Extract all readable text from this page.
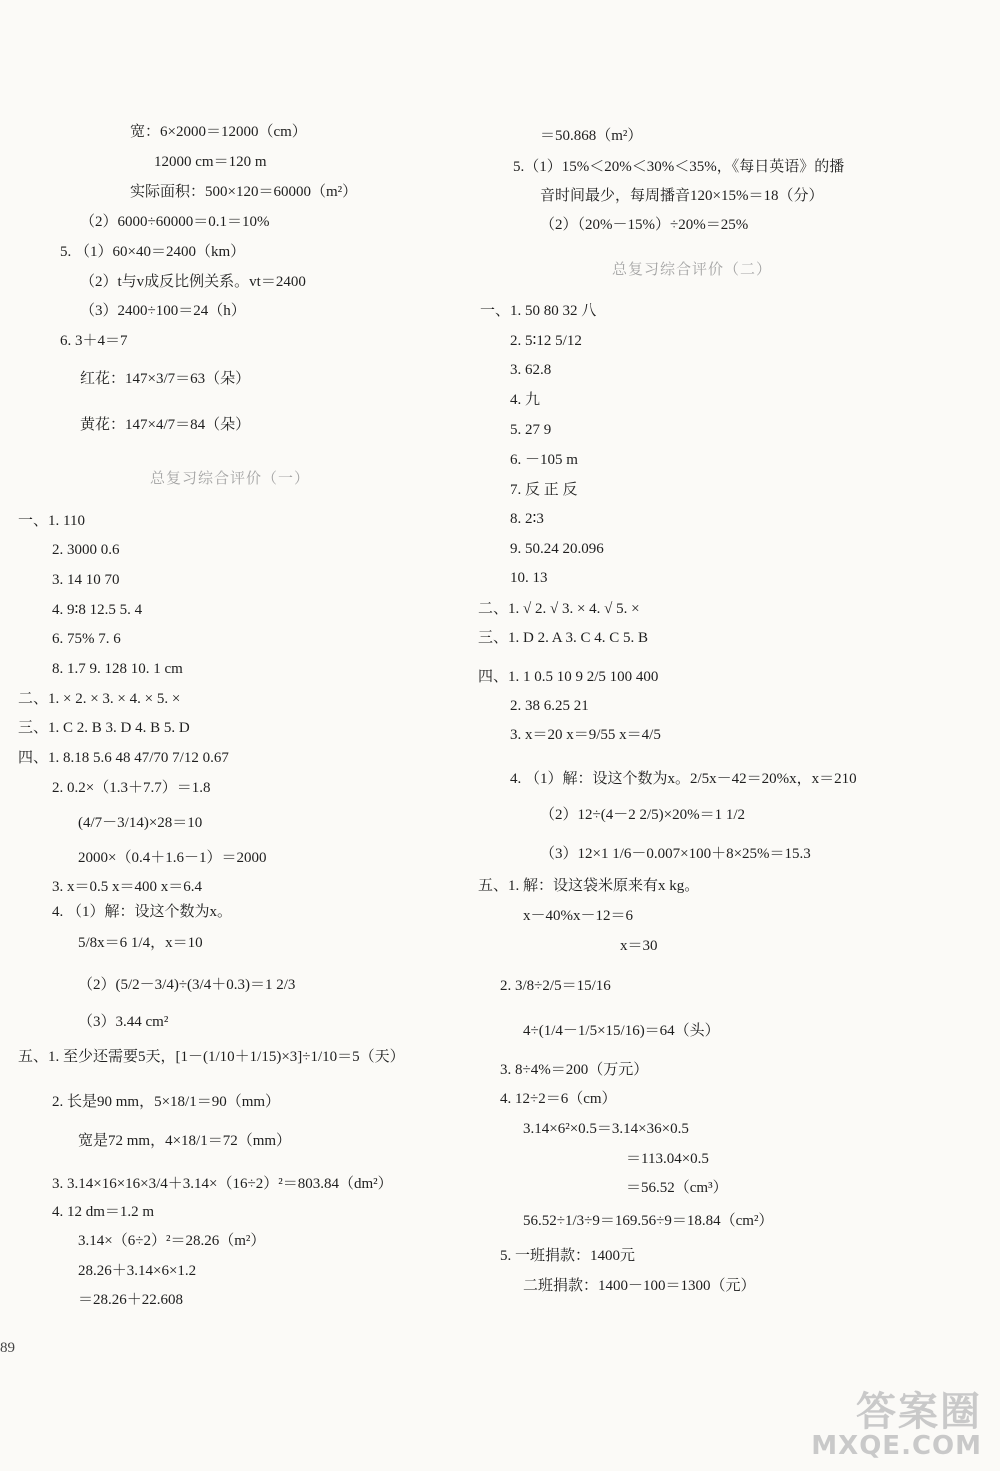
宽：6×2000＝12000（cm）
12000 cm＝120 m
实际面积：500×120＝60000（m²）
（2）6000÷60000＝0.1＝10%
5. （1）60×40＝2400（km）
（2）t与v成反比例关系。vt＝2400
（3）2400÷100＝24（h）
6. 3＋4＝7
红花：147×3/7＝63（朵）
黄花：147×4/7＝84（朵）
总复习综合评价（一）
一、1. 110
2. 3000 0.6
3. 14 10 70
4. 9∶8 12.5 5. 4
6. 75% 7. 6
8. 1.7 9. 128 10. 1 cm
二、1. × 2. × 3. × 4. × 5. ×
三、1. C 2. B 3. D 4. B 5. D
四、1. 8.18 5.6 48 47/70 7/12 0.67
2. 0.2×（1.3＋7.7）＝1.8
(4/7－3/14)×28＝10
2000×（0.4＋1.6－1）＝2000
3. x＝0.5 x＝400 x＝6.4
4. （1）解：设这个数为x。
5/8x＝6 1/4，x＝10
（2）(5/2－3/4)÷(3/4＋0.3)＝1 2/3
（3）3.44 cm²
五、1. 至少还需要5天，[1－(1/10＋1/15)×3]÷1/10＝5（天）
2. 长是90 mm，5×18/1＝90（mm）
宽是72 mm，4×18/1＝72（mm）
3. 3.14×16×16×3/4＋3.14×（16÷2）²＝803.84（dm²）
4. 12 dm＝1.2 m
3.14×（6÷2）²＝28.26（m²）
28.26＋3.14×6×1.2
＝28.26＋22.608
89
＝50.868（m²）
5.（1）15%＜20%＜30%＜35%，《每日英语》的播
音时间最少，每周播音120×15%＝18（分）
（2）（20%－15%）÷20%＝25%
总复习综合评价（二）
一、1. 50 80 32 八
2. 5∶12 5/12
3. 62.8
4. 九
5. 27 9
6. －105 m
7. 反 正 反
8. 2∶3
9. 50.24 20.096
10. 13
二、1. √ 2. √ 3. × 4. √ 5. ×
三、1. D 2. A 3. C 4. C 5. B
四、1. 1 0.5 10 9 2/5 100 400
2. 38 6.25 21
3. x＝20 x＝9/55 x＝4/5
4. （1）解：设这个数为x。2/5x－42＝20%x，x＝210
（2）12÷(4－2 2/5)×20%＝1 1/2
（3）12×1 1/6－0.007×100＋8×25%＝15.3
五、1. 解：设这袋米原来有x kg。
x－40%x－12＝6
x＝30
2. 3/8÷2/5＝15/16
4÷(1/4－1/5×15/16)＝64（头）
3. 8÷4%＝200（万元）
4. 12÷2＝6（cm）
3.14×6²×0.5＝3.14×36×0.5
＝113.04×0.5
＝56.52（cm³）
56.52÷1/3÷9＝169.56÷9＝18.84（cm²）
5. 一班捐款：1400元
二班捐款：1400－100＝1300（元）
答案圈
MXQE.COM
